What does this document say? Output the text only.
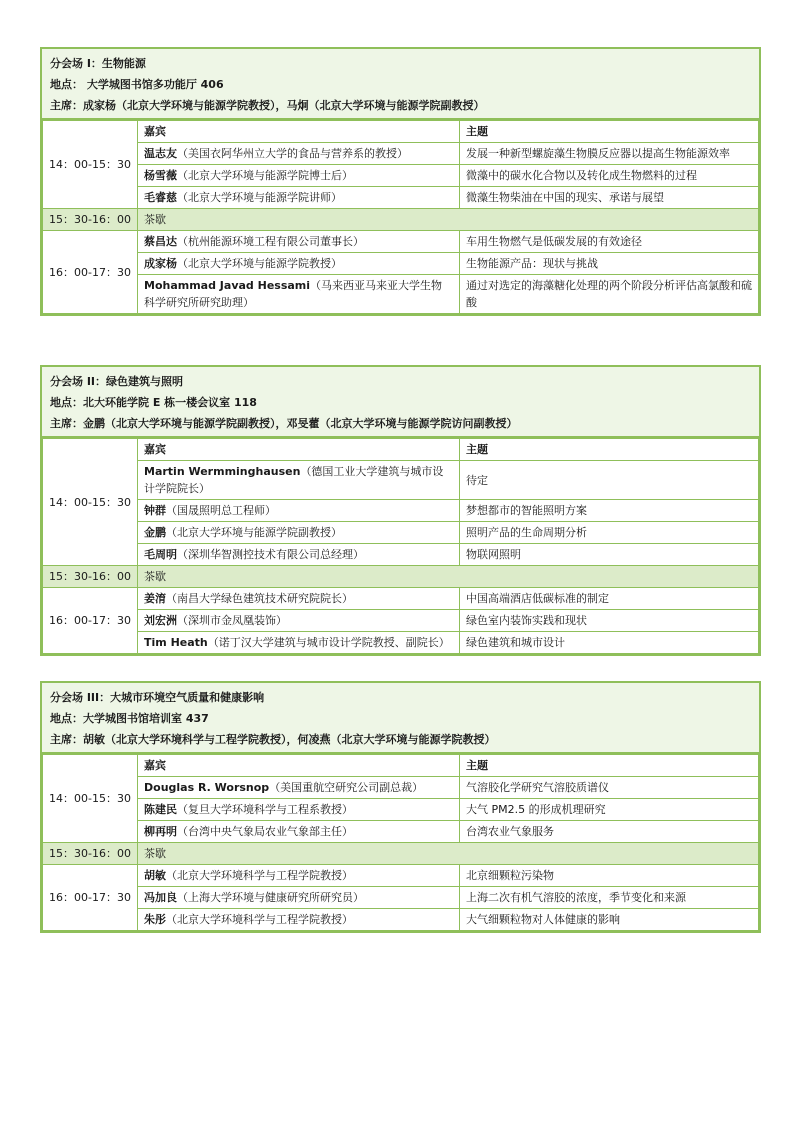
分会场 I：生物能源
地点： 大学城图书馆多功能厅 406
主席：成家杨（北京大学环境与能源学院教授），马炯（北京大学环境与能源学院副教授）
14：00-15：30	嘉宾	主题
	温志友（美国衣阿华州立大学的食品与营养系的教授）	发展一种新型螺旋藻生物膜反应器以提高生物能源效率
	杨雪薇（北京大学环境与能源学院博士后）	微藻中的碳水化合物以及转化成生物燃料的过程
	毛睿慈（北京大学环境与能源学院讲师）	微藻生物柴油在中国的现实、承诺与展望
15：30-16：00	茶歇	
16：00-17：30	蔡昌达（杭州能源环境工程有限公司董事长）	车用生物燃气是低碳发展的有效途径
	成家杨（北京大学环境与能源学院教授）	生物能源产品：现状与挑战
	Mohammad Javad Hessami（马来西亚马来亚大学生物科学研究所研究助理）	通过对选定的海藻糖化处理的两个阶段分析评估高氯酸和硫酸
分会场 II：绿色建筑与照明
地点：北大环能学院 E 栋一楼会议室 118
主席：金鹏（北京大学环境与能源学院副教授），邓旻藿（北京大学环境与能源学院访问副教授）
14：00-15：30	嘉宾	主题
	Martin Wermminghausen（德国工业大学建筑与城市设计学院院长）	待定
	钟群（国晟照明总工程师）	梦想都市的智能照明方案
	金鹏（北京大学环境与能源学院副教授）	照明产品的生命周期分析
	毛周明（深圳华智测控技术有限公司总经理）	物联网照明
15：30-16：00	茶歇	
16：00-17：30	姜淯（南昌大学绿色建筑技术研究院院长）	中国高端酒店低碳标准的制定
	刘宏洲（深圳市金凤凰装饰）	绿色室内装饰实践和现状
	Tim Heath（诺丁汉大学建筑与城市设计学院教授、副院长）	绿色建筑和城市设计
分会场 III：大城市环境空气质量和健康影响
地点：大学城图书馆培训室 437
主席：胡敏（北京大学环境科学与工程学院教授），何凌燕（北京大学环境与能源学院教授）
14：00-15：30	嘉宾	主题
	Douglas R. Worsnop（美国重航空研究公司副总裁）	气溶胶化学研究气溶胶质谱仪
	陈建民（复旦大学环境科学与工程系教授）	大气 PM2.5 的形成机理研究
	柳再明（台湾中央气象局农业气象部主任）	台湾农业气象服务
15：30-16：00	茶歇	
16：00-17：30	胡敏（北京大学环境科学与工程学院教授）	北京细颗粒污染物
	冯加良（上海大学环境与健康研究所研究员）	上海二次有机气溶胶的浓度，季节变化和来源
	朱彤（北京大学环境科学与工程学院教授）	大气细颗粒物对人体健康的影响
